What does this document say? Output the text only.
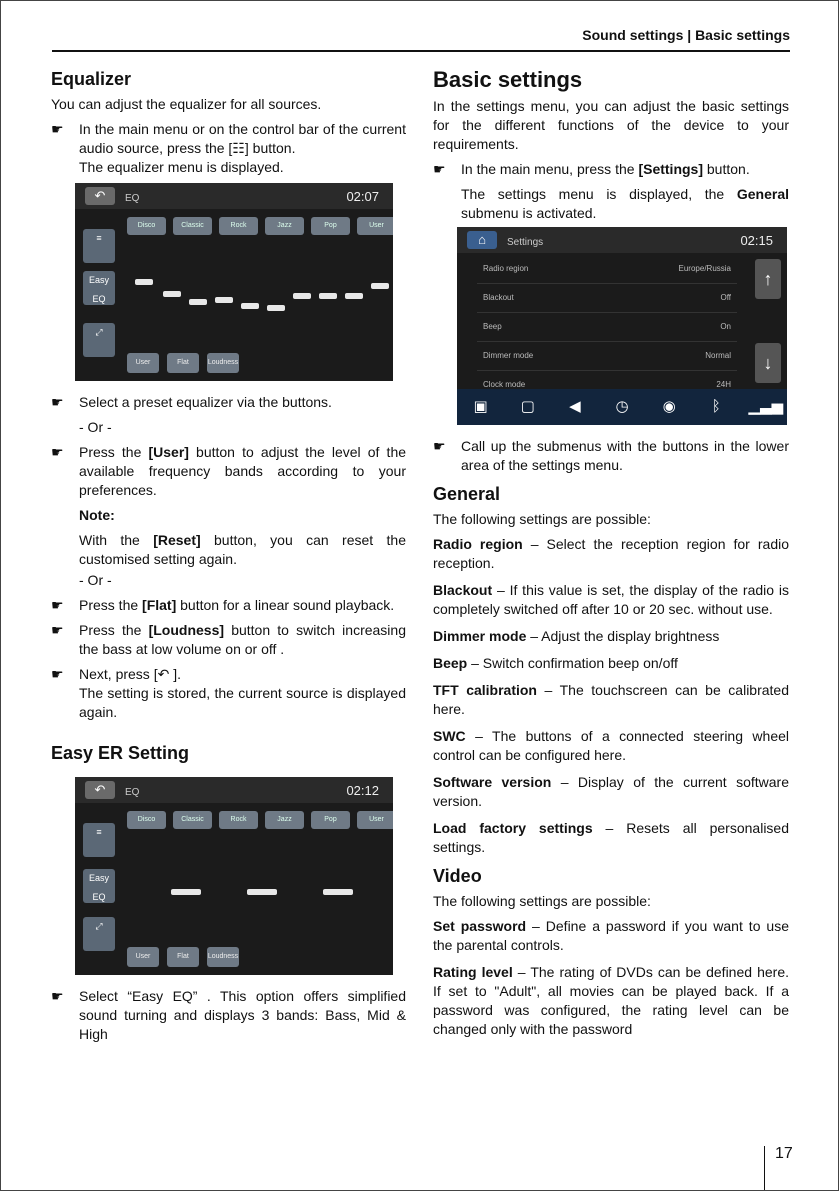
Sound settings | Basic settings
Equalizer

You can adjust the equalizer for all sources.

☛	In the main menu or on the control bar of the current audio source, press the [☷] button.
The equalizer menu is displayed.
↶	EQ	02:07
Disco	Classic	Rock	Jazz	Pop	User
≡
Easy EQ
⤢
User	Flat	Loudness
☛	Select a preset equalizer via the buttons.
- Or -
☛	Press the [User] button to adjust the level of the available frequency bands according to your preferences.
Note:
With the [Reset] button, you can reset the customised setting again.
- Or -
☛	Press the [Flat] button for a linear sound playback.
☛	Press the [Loudness] button to switch increasing the bass at low volume on or off .
☛	Next, press [↶ ].
The setting is stored, the current source is displayed again.
Easy ER Setting
↶	EQ	02:12
Disco	Classic	Rock	Jazz	Pop	User
≡
Easy EQ
⤢
User	Flat	Loudness
☛	Select “Easy EQ” . This option offers simplified sound turning and displays 3 bands: Bass, Mid & High
Basic settings

In the settings menu, you can adjust the basic settings for the different functions of the device to your requirements.

☛	In the main menu, press the [Settings] button.
The settings menu is displayed, the General submenu is activated.
⌂	Settings	02:15
Radio region	Europe/Russia
Blackout	Off
Beep	On
Dimmer mode	Normal
Clock mode	24H
↑
↓
▣	▢	◀	◷	◉	ᛒ	▁▃▅
☛	Call up the submenus with the buttons in the lower area of the settings menu.
General

The following settings are possible:

Radio region – Select the reception region for radio reception.
Blackout – If this value is set, the display of the radio is completely switched off after 10 or 20 sec. without use.
Dimmer mode – Adjust the display brightness
Beep – Switch confirmation beep on/off
TFT calibration – The touchscreen can be calibrated here.
SWC – The buttons of a connected steering wheel control can be configured here.
Software version – Display of the current software version.
Load factory settings – Resets all personalised settings.
Video

The following settings are possible:

Set password – Define a password if you want to use the parental controls.
Rating level – The rating of DVDs can be defined here. If set to "Adult", all movies can be played back. If a password was configured, the rating level can be changed only with the password
17
